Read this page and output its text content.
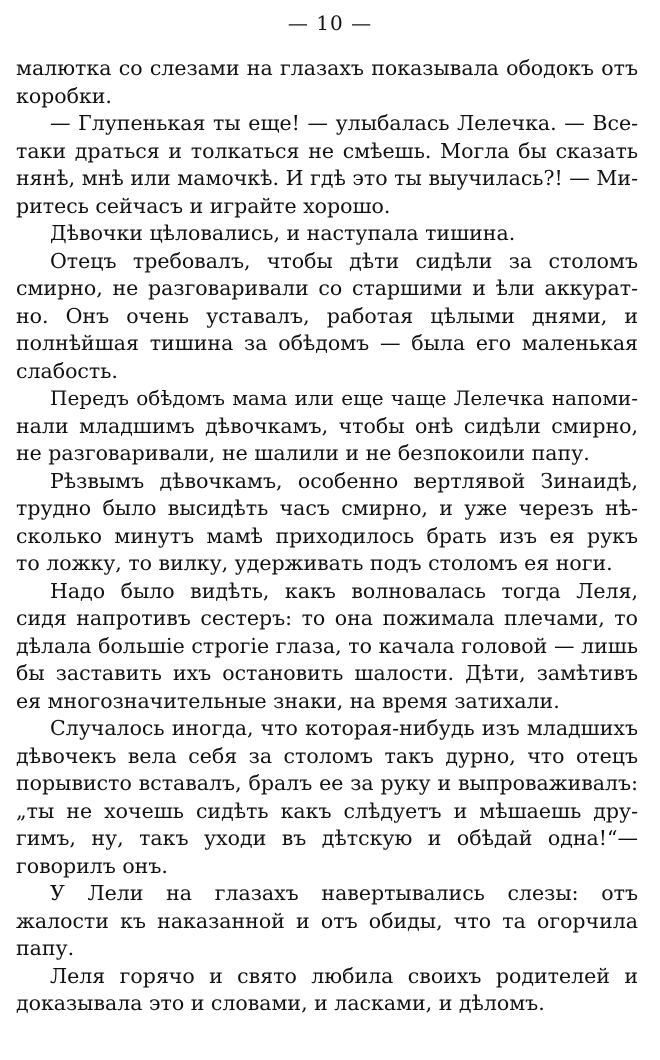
— 10 —
малютка со слезами на глазахъ показывала ободокъ отъ
коробки.
— Глупенькая ты еще! — улыбалась Лелечка. — Все-
таки драться и толкаться не смѣешь. Могла бы сказать
нянѣ, мнѣ или мамочкѣ. И гдѣ это ты выучилась?! — Ми-
ритесь сейчасъ и играйте хорошо.
Дѣвочки цѣловались, и наступала тишина.
Отецъ требовалъ, чтобы дѣти сидѣли за столомъ
смирно, не разговаривали со старшими и ѣли аккурат-
но. Онъ очень уставалъ, работая цѣлыми днями, и
полнѣйшая тишина за обѣдомъ — была его маленькая
слабость.
Передъ обѣдомъ мама или еще чаще Лелечка напоми-
нали младшимъ дѣвочкамъ, чтобы онѣ сидѣли смирно,
не разговаривали, не шалили и не безпокоили папу.
Рѣзвымъ дѣвочкамъ, особенно вертлявой Зинаидѣ,
трудно было высидѣть часъ смирно, и уже черезъ нѣ-
сколько минутъ мамѣ приходилось брать изъ ея рукъ
то ложку, то вилку, удерживать подъ столомъ ея ноги.
Надо было видѣть, какъ волновалась тогда Леля,
сидя напротивъ сестеръ: то она пожимала плечами, то
дѣлала большіе строгіе глаза, то качала головой — лишь
бы заставить ихъ остановить шалости. Дѣти, замѣтивъ
ея многозначительные знаки, на время затихали.
Случалось иногда, что которая-нибудь изъ младшихъ
дѣвочекъ вела себя за столомъ такъ дурно, что отецъ
порывисто вставалъ, бралъ ее за руку и выпроваживалъ:
„ты не хочешь сидѣть какъ слѣдуетъ и мѣшаешь дру-
гимъ, ну, такъ уходи въ дѣтскую и обѣдай одна!“—
говорилъ онъ.
У Лели на глазахъ навертывались слезы: отъ
жалости къ наказанной и отъ обиды, что та огорчила
папу.
Леля горячо и свято любила своихъ родителей и
доказывала это и словами, и ласками, и дѣломъ.
